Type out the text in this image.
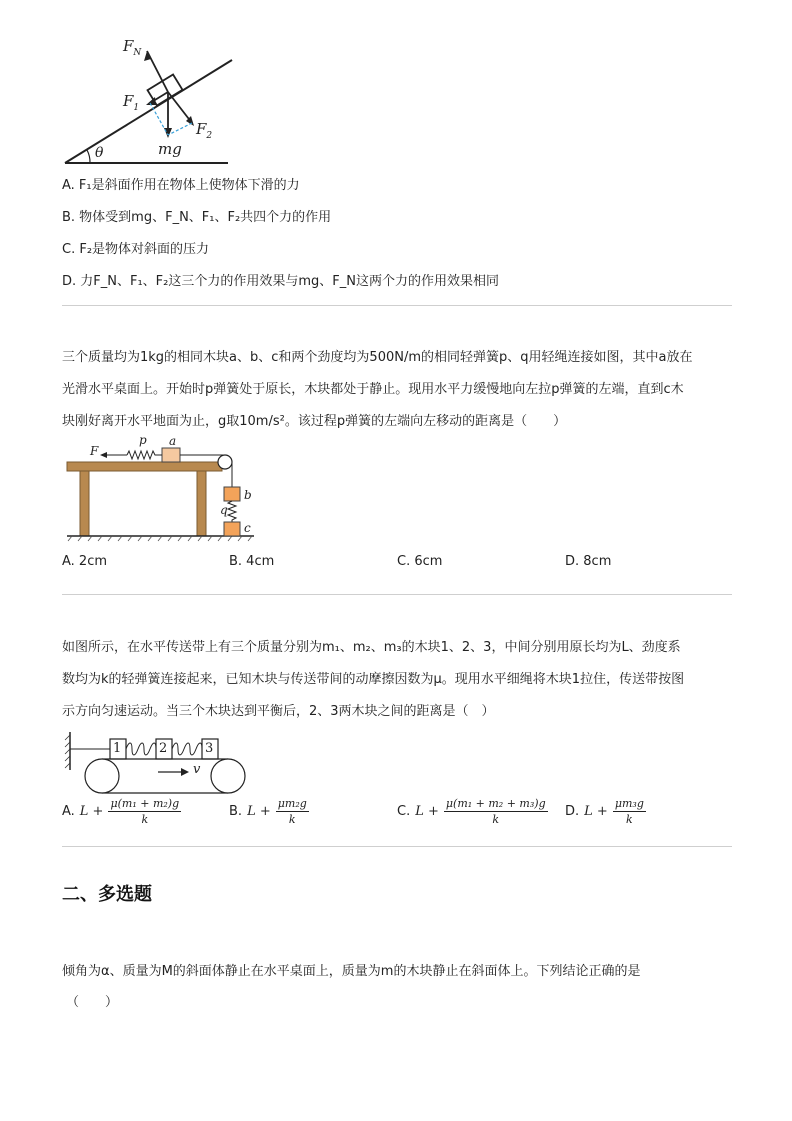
$F_N$
$F_1$
$F_2$
mg
θ
A. F₁是斜面作用在物体上使物体下滑的力
B. 物体受到mg、F_N、F₁、F₂共四个力的作用
C. F₂是物体对斜面的压力
D. 力F_N、F₁、F₂这三个力的作用效果与mg、F_N这两个力的作用效果相同
三个质量均为1kg的相同木块a、b、c和两个劲度均为500N/m的相同轻弹簧p、q用轻绳连接如图，其中a放在
光滑水平桌面上。开始时p弹簧处于原长，木块都处于静止。现用水平力缓慢地向左拉p弹簧的左端，直到c木
块刚好离开水平地面为止，g取10m/s²。该过程p弹簧的左端向左移动的距离是（　　）
F
p a
b
q
c
A. 2cm	B. 4cm	C. 6cm	D. 8cm
如图所示，在水平传送带上有三个质量分别为m₁、m₂、m₃的木块1、2、3，中间分别用原长均为L、劲度系
数均为k的轻弹簧连接起来，已知木块与传送带间的动摩擦因数为μ。现用水平细绳将木块1拉住，传送带按图
示方向匀速运动。当三个木块达到平衡后，2、3两木块之间的距离是（　）
1	2	3
v
A. $L + \frac{\text{μ(m₁ + m₂)g}}{k}$	B. $L + \frac{\text{μm₂g}}{k}$	C. $L + \frac{\text{μ(m₁ + m₂ + m₃)g}}{k} D$. $L + \frac{\text{μm₃g}}{k}$
二、多选题
倾角为α、质量为M的斜面体静止在水平桌面上，质量为m的木块静止在斜面体上。下列结论正确的是
（　　）
